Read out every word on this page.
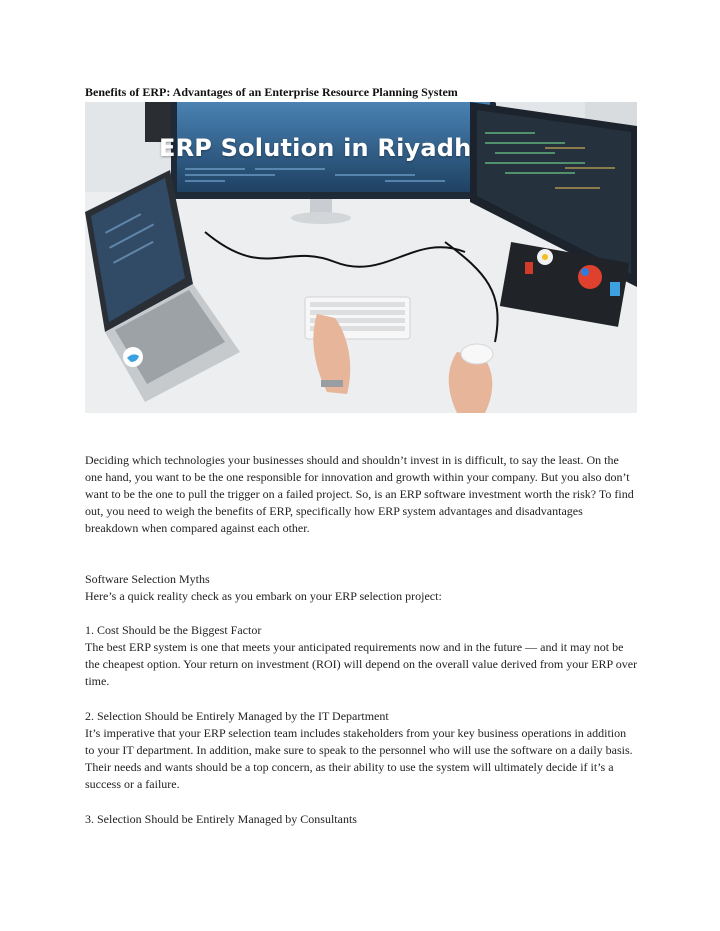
Benefits of ERP: Advantages of an Enterprise Resource Planning System
ERP Solution in Riyadh
Deciding which technologies your businesses should and shouldn’t invest in is difficult, to say the least. On the one hand, you want to be the one responsible for innovation and growth within your company. But you also don’t want to be the one to pull the trigger on a failed project. So, is an ERP software investment worth the risk? To find out, you need to weigh the benefits of ERP, specifically how ERP system advantages and disadvantages breakdown when compared against each other.
Software Selection Myths
Here’s a quick reality check as you embark on your ERP selection project:
1. Cost Should be the Biggest Factor
The best ERP system is one that meets your anticipated requirements now and in the future — and it may not be the cheapest option. Your return on investment (ROI) will depend on the overall value derived from your ERP over time.
2. Selection Should be Entirely Managed by the IT Department
It’s imperative that your ERP selection team includes stakeholders from your key business operations in addition to your IT department. In addition, make sure to speak to the personnel who will use the software on a daily basis. Their needs and wants should be a top concern, as their ability to use the system will ultimately decide if it’s a success or a failure.
3. Selection Should be Entirely Managed by Consultants
